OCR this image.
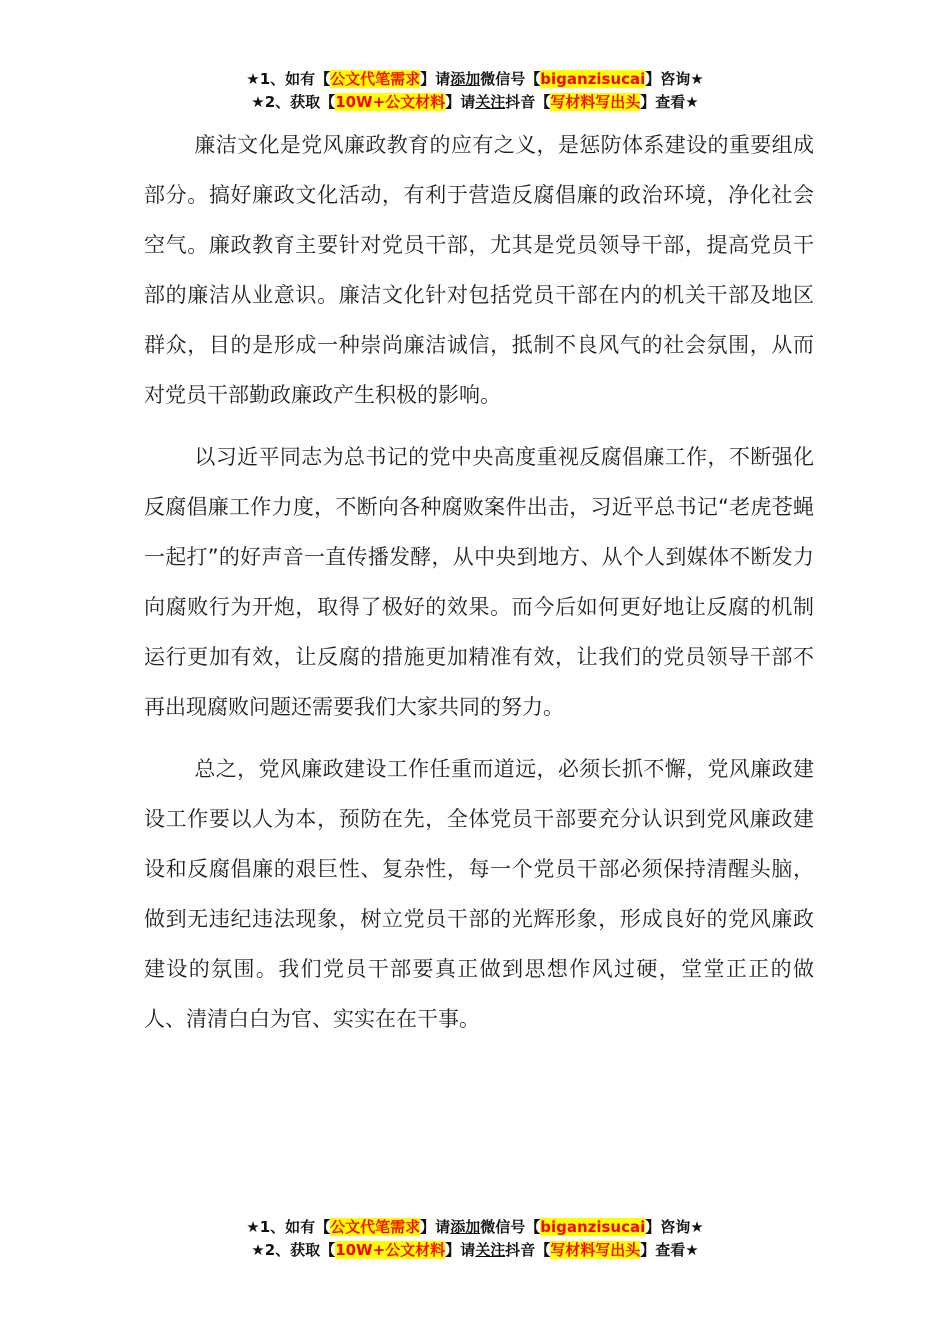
★1、如有【公文代笔需求】请添加微信号【biganzisucai】咨询★
★2、获取【10W+公文材料】请关注抖音【写材料写出头】查看★

廉洁文化是党风廉政教育的应有之义，是惩防体系建设的重要组成部分。搞好廉政文化活动，有利于营造反腐倡廉的政治环境，净化社会空气。廉政教育主要针对党员干部，尤其是党员领导干部，提高党员干部的廉洁从业意识。廉洁文化针对包括党员干部在内的机关干部及地区群众，目的是形成一种崇尚廉洁诚信，抵制不良风气的社会氛围，从而对党员干部勤政廉政产生积极的影响。

以习近平同志为总书记的党中央高度重视反腐倡廉工作，不断强化反腐倡廉工作力度，不断向各种腐败案件出击，习近平总书记“老虎苍蝇一起打”的好声音一直传播发酵，从中央到地方、从个人到媒体不断发力向腐败行为开炮，取得了极好的效果。而今后如何更好地让反腐的机制运行更加有效，让反腐的措施更加精准有效，让我们的党员领导干部不再出现腐败问题还需要我们大家共同的努力。

总之，党风廉政建设工作任重而道远，必须长抓不懈，党风廉政建设工作要以人为本，预防在先，全体党员干部要充分认识到党风廉政建设和反腐倡廉的艰巨性、复杂性，每一个党员干部必须保持清醒头脑，做到无违纪违法现象，树立党员干部的光辉形象，形成良好的党风廉政建设的氛围。我们党员干部要真正做到思想作风过硬，堂堂正正的做人、清清白白为官、实实在在干事。

★1、如有【公文代笔需求】请添加微信号【biganzisucai】咨询★
★2、获取【10W+公文材料】请关注抖音【写材料写出头】查看★
